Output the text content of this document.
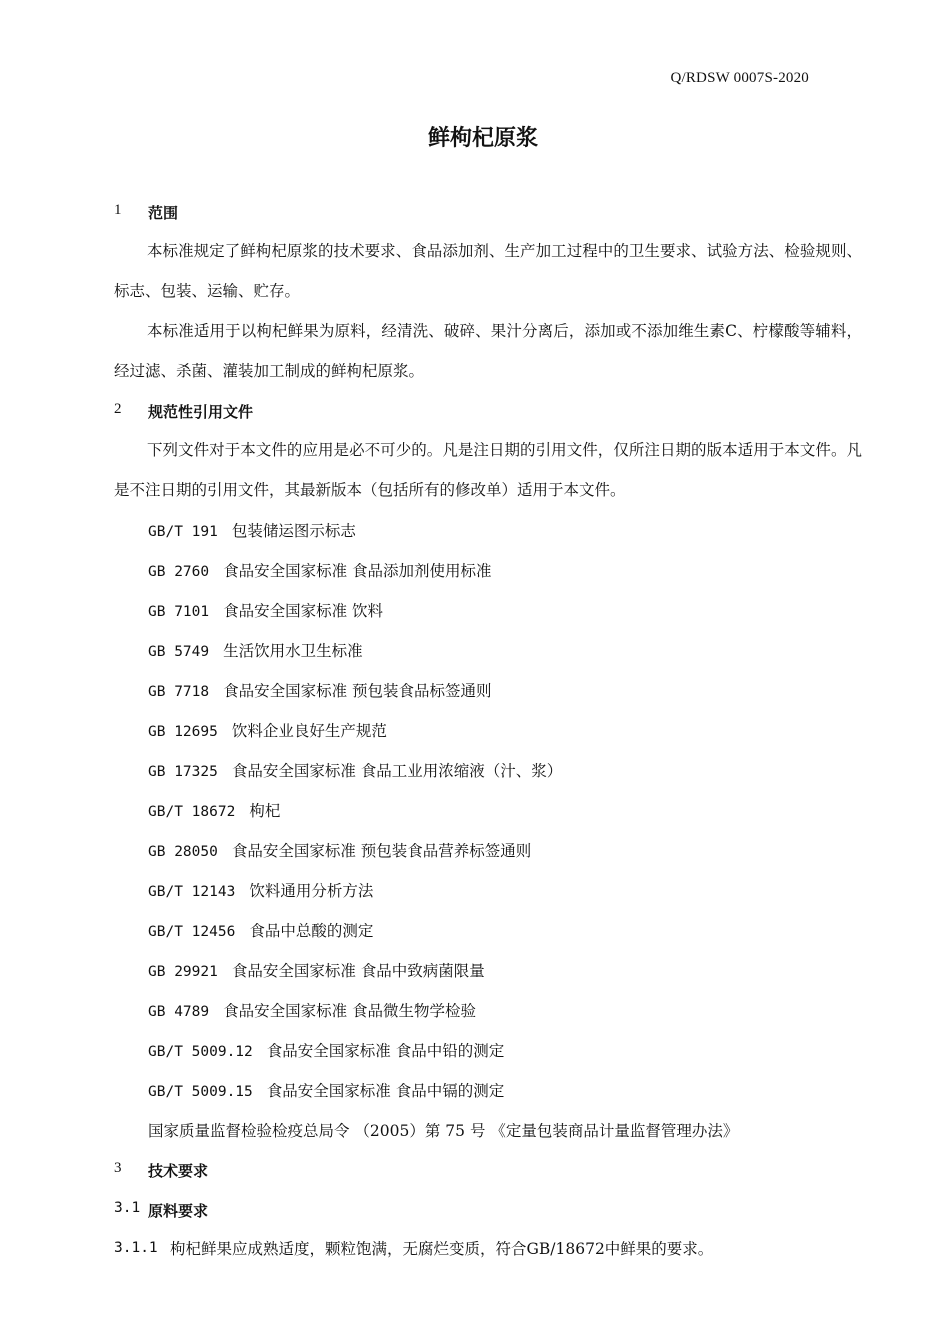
Q/RDSW 0007S-2020
鲜枸杞原浆
1 范围
本标准规定了鲜枸杞原浆的技术要求、食品添加剂、生产加工过程中的卫生要求、试验方法、检验规则、标志、包装、运输、贮存。
本标准适用于以枸杞鲜果为原料，经清洗、破碎、果汁分离后，添加或不添加维生素C、柠檬酸等辅料，经过滤、杀菌、灌装加工制成的鲜枸杞原浆。
2 规范性引用文件
下列文件对于本文件的应用是必不可少的。凡是注日期的引用文件，仅所注日期的版本适用于本文件。凡是不注日期的引用文件，其最新版本（包括所有的修改单）适用于本文件。
GB/T 191 包装储运图示标志
GB 2760 食品安全国家标准 食品添加剂使用标准
GB 7101 食品安全国家标准 饮料
GB 5749 生活饮用水卫生标准
GB 7718 食品安全国家标准 预包装食品标签通则
GB 12695 饮料企业良好生产规范
GB 17325 食品安全国家标准 食品工业用浓缩液（汁、浆）
GB/T 18672 枸杞
GB 28050 食品安全国家标准 预包装食品营养标签通则
GB/T 12143 饮料通用分析方法
GB/T 12456 食品中总酸的测定
GB 29921 食品安全国家标准 食品中致病菌限量
GB 4789 食品安全国家标准 食品微生物学检验
GB/T 5009.12 食品安全国家标准 食品中铅的测定
GB/T 5009.15 食品安全国家标准 食品中镉的测定
国家质量监督检验检疫总局令 （2005）第 75 号 《定量包装商品计量监督管理办法》
3 技术要求
3.1 原料要求
3.1.1 枸杞鲜果应成熟适度，颗粒饱满，无腐烂变质，符合GB/18672中鲜果的要求。
